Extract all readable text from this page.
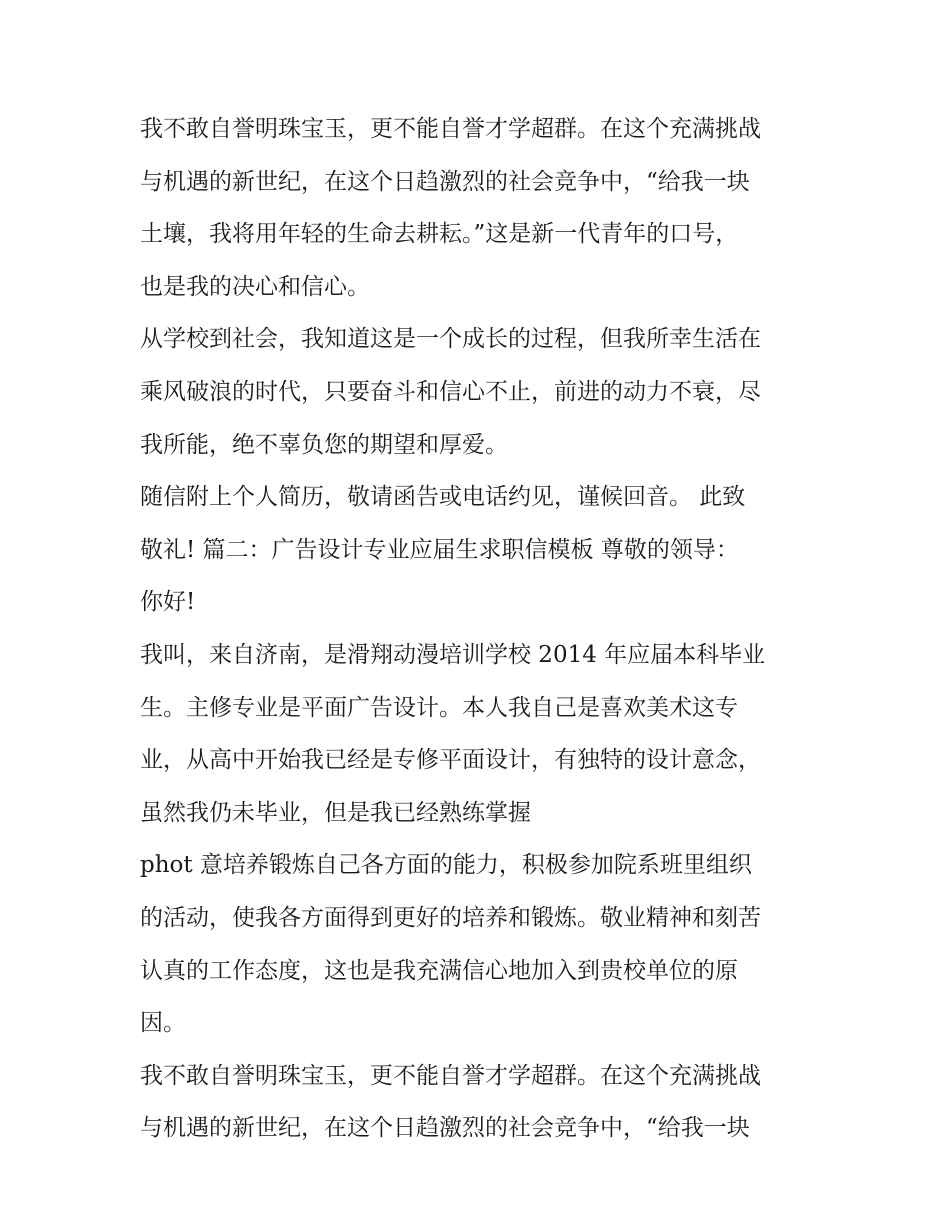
我不敢自誉明珠宝玉，更不能自誉才学超群。在这个充满挑战
与机遇的新世纪，在这个日趋激烈的社会竞争中，“给我一块
土壤，我将用年轻的生命去耕耘。”这是新一代青年的口号，
也是我的决心和信心。
从学校到社会，我知道这是一个成长的过程，但我所幸生活在
乘风破浪的时代，只要奋斗和信心不止，前进的动力不衰，尽
我所能，绝不辜负您的期望和厚爱。
随信附上个人简历，敬请函告或电话约见，谨候回音。 此致
敬礼! 篇二：广告设计专业应届生求职信模板 尊敬的领导：
你好!
我叫，来自济南，是滑翔动漫培训学校 2014 年应届本科毕业
生。主修专业是平面广告设计。本人我自己是喜欢美术这专
业，从高中开始我已经是专修平面设计，有独特的设计意念，
虽然我仍未毕业，但是我已经熟练掌握
phot 意培养锻炼自己各方面的能力，积极参加院系班里组织
的活动，使我各方面得到更好的培养和锻炼。敬业精神和刻苦
认真的工作态度，这也是我充满信心地加入到贵校单位的原
因。
我不敢自誉明珠宝玉，更不能自誉才学超群。在这个充满挑战
与机遇的新世纪，在这个日趋激烈的社会竞争中，“给我一块
